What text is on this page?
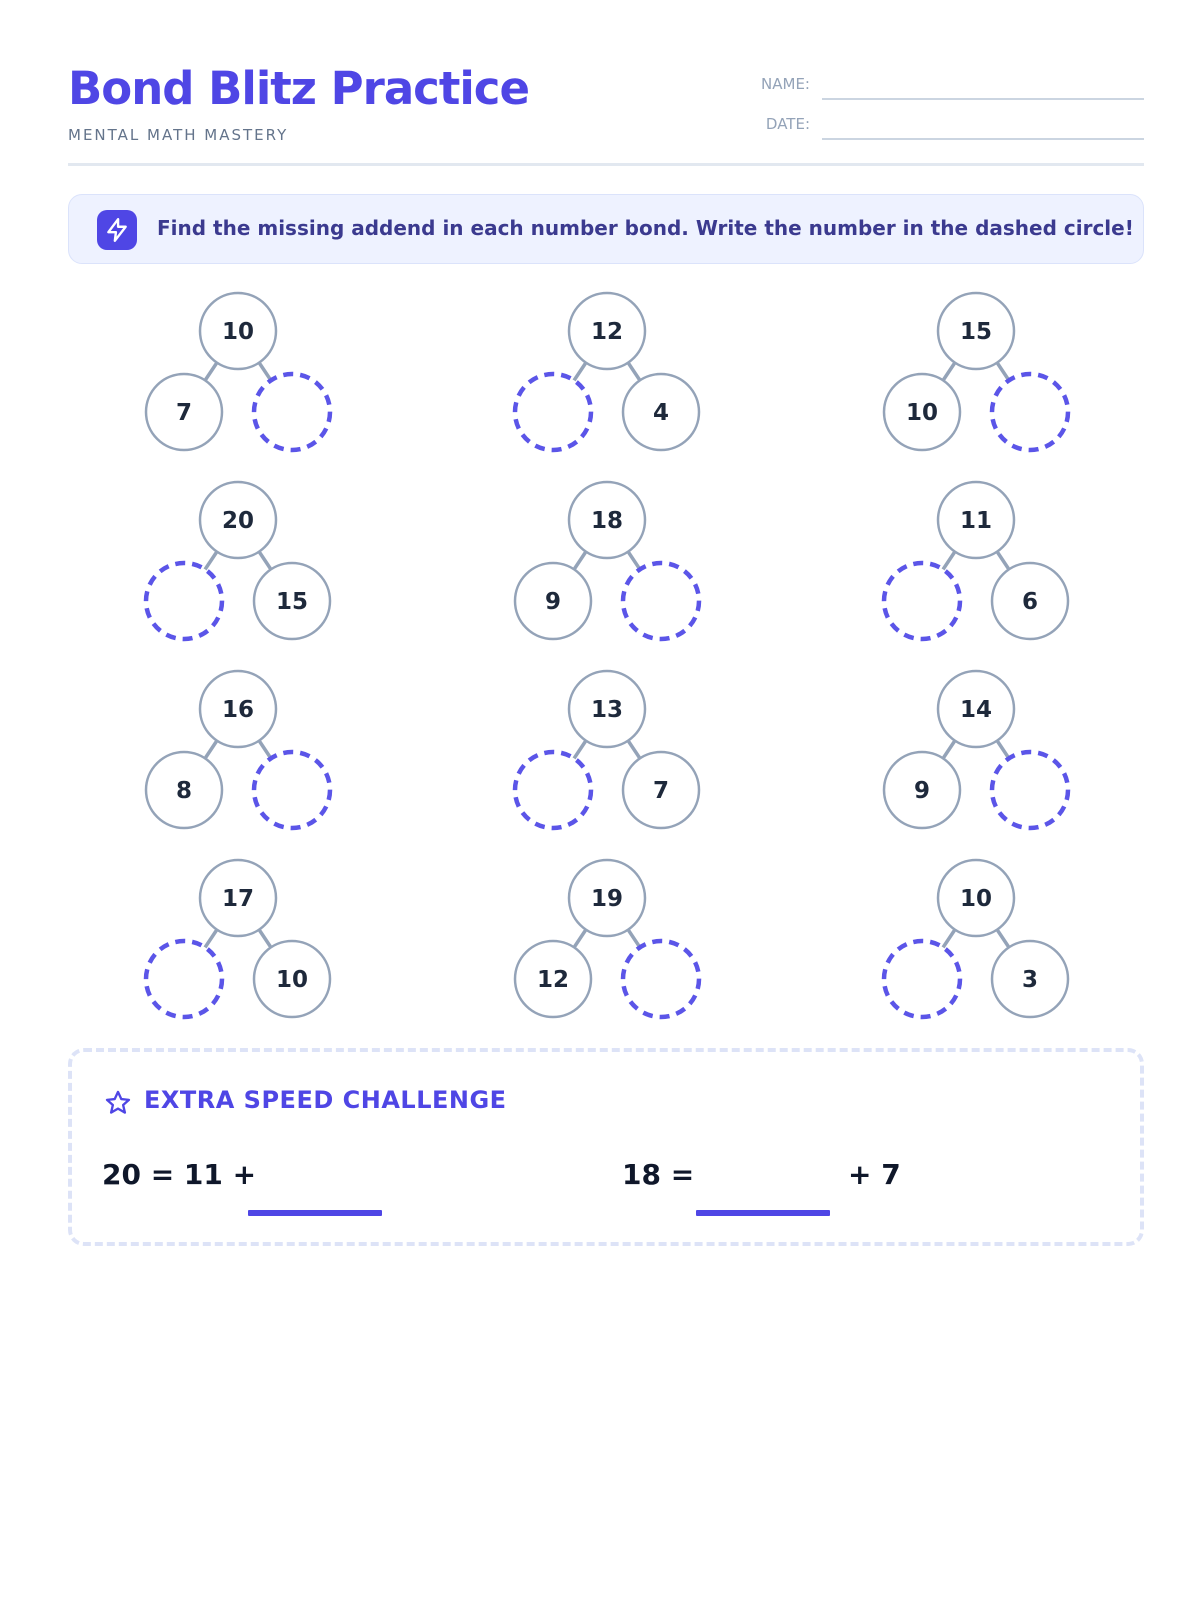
Bond Blitz Practice
MENTAL MATH MASTERY
NAME:
DATE:
Find the missing addend in each number bond. Write the number in the dashed circle!
10
7
12
4
15
10
20
15
18
9
11
6
16
8
13
7
14
9
17
10
19
12
10
3
EXTRA SPEED CHALLENGE
20 = 11 +	18 =	+ 7
